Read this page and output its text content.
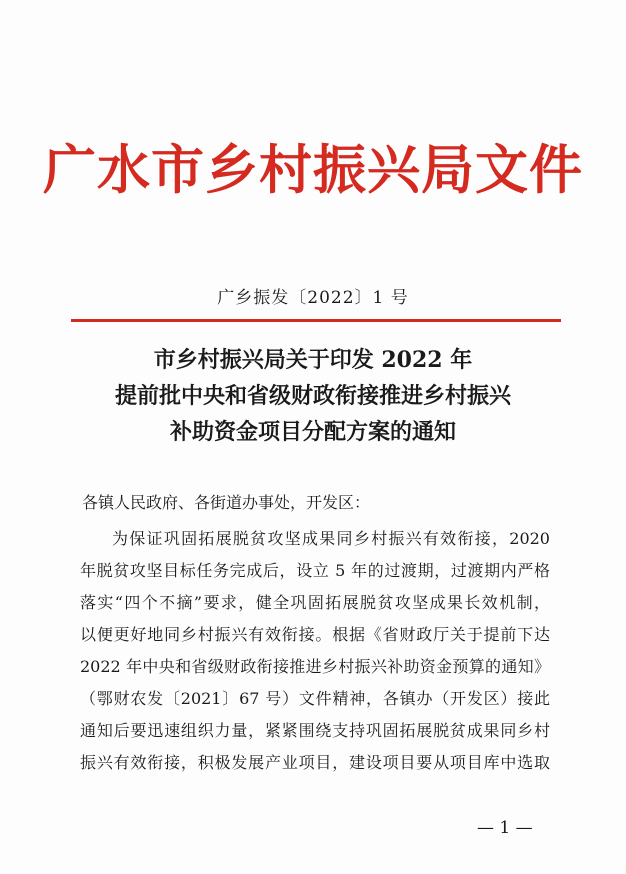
广水市乡村振兴局文件
广乡振发〔2022〕1 号
市乡村振兴局关于印发 2022 年
提前批中央和省级财政衔接推进乡村振兴
补助资金项目分配方案的通知
各镇人民政府、各街道办事处，开发区：
为保证巩固拓展脱贫攻坚成果同乡村振兴有效衔接，2020
年脱贫攻坚目标任务完成后，设立 5 年的过渡期，过渡期内严格
落实“四个不摘”要求，健全巩固拓展脱贫攻坚成果长效机制，
以便更好地同乡村振兴有效衔接。根据《省财政厅关于提前下达
2022 年中央和省级财政衔接推进乡村振兴补助资金预算的通知》
（鄂财农发〔2021〕67 号）文件精神，各镇办（开发区）接此
通知后要迅速组织力量，紧紧围绕支持巩固拓展脱贫成果同乡村
振兴有效衔接，积极发展产业项目，建设项目要从项目库中选取
— 1 —
